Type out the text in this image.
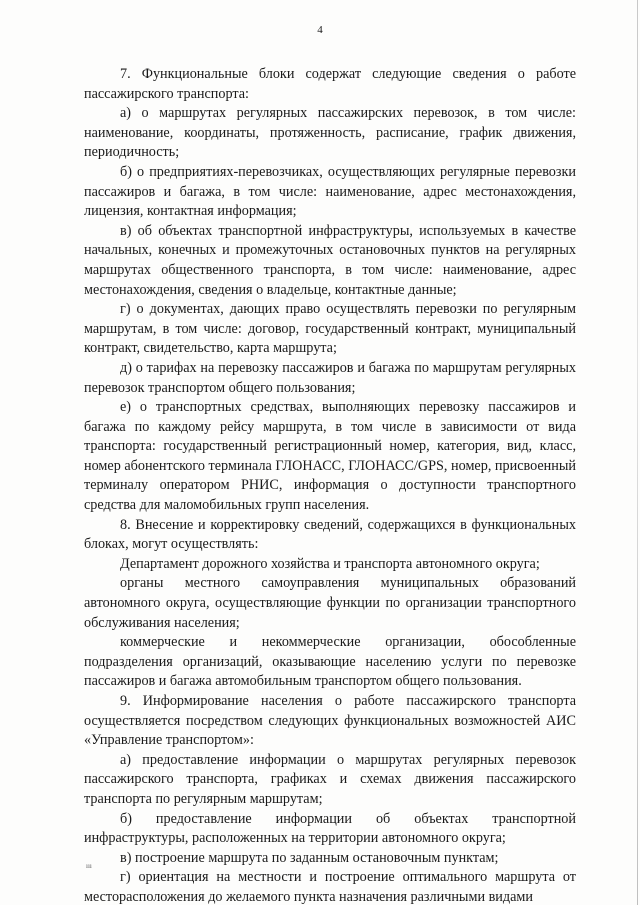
4

7. Функциональные блоки содержат следующие сведения о работе пассажирского транспорта:

а) о маршрутах регулярных пассажирских перевозок, в том числе: наименование, координаты, протяженность, расписание, график движения, периодичность;

б) о предприятиях-перевозчиках, осуществляющих регулярные перевозки пассажиров и багажа, в том числе: наименование, адрес местонахождения, лицензия, контактная информация;

в) об объектах транспортной инфраструктуры, используемых в качестве начальных, конечных и промежуточных остановочных пунктов на регулярных маршрутах общественного транспорта, в том числе: наименование, адрес местонахождения, сведения о владельце, контактные данные;

г) о документах, дающих право осуществлять перевозки по регулярным маршрутам, в том числе: договор, государственный контракт, муниципальный контракт, свидетельство, карта маршрута;

д) о тарифах на перевозку пассажиров и багажа по маршрутам регулярных перевозок транспортом общего пользования;

е) о транспортных средствах, выполняющих перевозку пассажиров и багажа по каждому рейсу маршрута, в том числе в зависимости от вида транспорта: государственный регистрационный номер, категория, вид, класс, номер абонентского терминала ГЛОНАСС, ГЛОНАСС/GPS, номер, присвоенный терминалу оператором РНИС, информация о доступности транспортного средства для маломобильных групп населения.

8. Внесение и корректировку сведений, содержащихся в функциональных блоках, могут осуществлять:

Департамент дорожного хозяйства и транспорта автономного округа;

органы местного самоуправления муниципальных образований автономного округа, осуществляющие функции по организации транспортного обслуживания населения;

коммерческие и некоммерческие организации, обособленные подразделения организаций, оказывающие населению услуги по перевозке пассажиров и багажа автомобильным транспортом общего пользования.

9. Информирование населения о работе пассажирского транспорта осуществляется посредством следующих функциональных возможностей АИС «Управление транспортом»:

а) предоставление информации о маршрутах регулярных перевозок пассажирского транспорта, графиках и схемах движения пассажирского транспорта по регулярным маршрутам;

б) предоставление информации об объектах транспортной инфраструктуры, расположенных на территории автономного округа;

в) построение маршрута по заданным остановочным пунктам;

г) ориентация на местности и построение оптимального маршрута от месторасположения до желаемого пункта назначения различными видами

ııı
